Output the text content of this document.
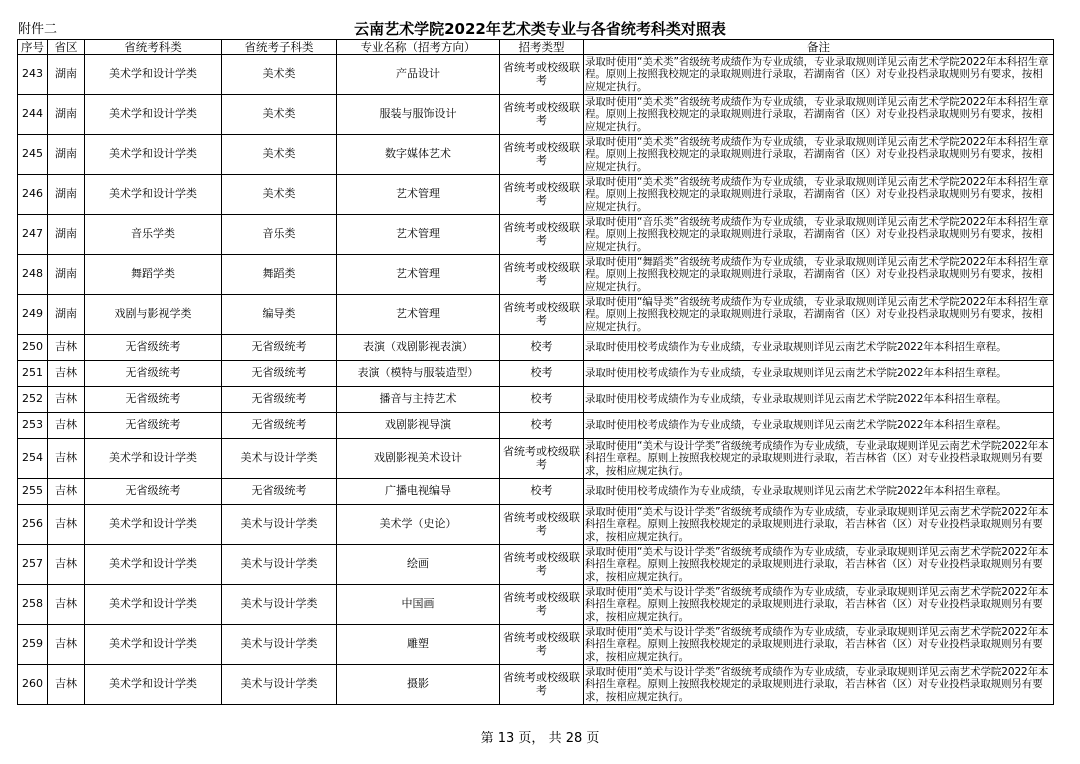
附件二	云南艺术学院2022年艺术类专业与各省统考科类对照表
序号	省区	省统考科类	省统考子科类	专业名称（招考方向）	招考类型	备注
243	湖南	美术学和设计学类	美术类	产品设计	省统考或校级联考	录取时使用“美术类”省级统考成绩作为专业成绩，专业录取规则详见云南艺术学院2022年本科招生章程。原则上按照我校规定的录取规则进行录取，若湖南省（区）对专业投档录取规则另有要求，按相应规定执行。
244	湖南	美术学和设计学类	美术类	服装与服饰设计	省统考或校级联考	录取时使用“美术类”省级统考成绩作为专业成绩，专业录取规则详见云南艺术学院2022年本科招生章程。原则上按照我校规定的录取规则进行录取，若湖南省（区）对专业投档录取规则另有要求，按相应规定执行。
245	湖南	美术学和设计学类	美术类	数字媒体艺术	省统考或校级联考	录取时使用“美术类”省级统考成绩作为专业成绩，专业录取规则详见云南艺术学院2022年本科招生章程。原则上按照我校规定的录取规则进行录取，若湖南省（区）对专业投档录取规则另有要求，按相应规定执行。
246	湖南	美术学和设计学类	美术类	艺术管理	省统考或校级联考	录取时使用“美术类”省级统考成绩作为专业成绩，专业录取规则详见云南艺术学院2022年本科招生章程。原则上按照我校规定的录取规则进行录取，若湖南省（区）对专业投档录取规则另有要求，按相应规定执行。
247	湖南	音乐学类	音乐类	艺术管理	省统考或校级联考	录取时使用“音乐类”省级统考成绩作为专业成绩，专业录取规则详见云南艺术学院2022年本科招生章程。原则上按照我校规定的录取规则进行录取，若湖南省（区）对专业投档录取规则另有要求，按相应规定执行。
248	湖南	舞蹈学类	舞蹈类	艺术管理	省统考或校级联考	录取时使用“舞蹈类”省级统考成绩作为专业成绩，专业录取规则详见云南艺术学院2022年本科招生章程。原则上按照我校规定的录取规则进行录取，若湖南省（区）对专业投档录取规则另有要求，按相应规定执行。
249	湖南	戏剧与影视学类	编导类	艺术管理	省统考或校级联考	录取时使用“编导类”省级统考成绩作为专业成绩，专业录取规则详见云南艺术学院2022年本科招生章程。原则上按照我校规定的录取规则进行录取，若湖南省（区）对专业投档录取规则另有要求，按相应规定执行。
250	吉林	无省级统考	无省级统考	表演（戏剧影视表演）	校考	录取时使用校考成绩作为专业成绩，专业录取规则详见云南艺术学院2022年本科招生章程。
251	吉林	无省级统考	无省级统考	表演（模特与服装造型）	校考	录取时使用校考成绩作为专业成绩，专业录取规则详见云南艺术学院2022年本科招生章程。
252	吉林	无省级统考	无省级统考	播音与主持艺术	校考	录取时使用校考成绩作为专业成绩，专业录取规则详见云南艺术学院2022年本科招生章程。
253	吉林	无省级统考	无省级统考	戏剧影视导演	校考	录取时使用校考成绩作为专业成绩，专业录取规则详见云南艺术学院2022年本科招生章程。
254	吉林	美术学和设计学类	美术与设计学类	戏剧影视美术设计	省统考或校级联考	录取时使用“美术与设计学类”省级统考成绩作为专业成绩，专业录取规则详见云南艺术学院2022年本科招生章程。原则上按照我校规定的录取规则进行录取，若吉林省（区）对专业投档录取规则另有要求，按相应规定执行。
255	吉林	无省级统考	无省级统考	广播电视编导	校考	录取时使用校考成绩作为专业成绩，专业录取规则详见云南艺术学院2022年本科招生章程。
256	吉林	美术学和设计学类	美术与设计学类	美术学（史论）	省统考或校级联考	录取时使用“美术与设计学类”省级统考成绩作为专业成绩，专业录取规则详见云南艺术学院2022年本科招生章程。原则上按照我校规定的录取规则进行录取，若吉林省（区）对专业投档录取规则另有要求，按相应规定执行。
257	吉林	美术学和设计学类	美术与设计学类	绘画	省统考或校级联考	录取时使用“美术与设计学类”省级统考成绩作为专业成绩，专业录取规则详见云南艺术学院2022年本科招生章程。原则上按照我校规定的录取规则进行录取，若吉林省（区）对专业投档录取规则另有要求，按相应规定执行。
258	吉林	美术学和设计学类	美术与设计学类	中国画	省统考或校级联考	录取时使用“美术与设计学类”省级统考成绩作为专业成绩，专业录取规则详见云南艺术学院2022年本科招生章程。原则上按照我校规定的录取规则进行录取，若吉林省（区）对专业投档录取规则另有要求，按相应规定执行。
259	吉林	美术学和设计学类	美术与设计学类	雕塑	省统考或校级联考	录取时使用“美术与设计学类”省级统考成绩作为专业成绩，专业录取规则详见云南艺术学院2022年本科招生章程。原则上按照我校规定的录取规则进行录取，若吉林省（区）对专业投档录取规则另有要求，按相应规定执行。
260	吉林	美术学和设计学类	美术与设计学类	摄影	省统考或校级联考	录取时使用“美术与设计学类”省级统考成绩作为专业成绩，专业录取规则详见云南艺术学院2022年本科招生章程。原则上按照我校规定的录取规则进行录取，若吉林省（区）对专业投档录取规则另有要求，按相应规定执行。
第 13 页， 共 28 页
